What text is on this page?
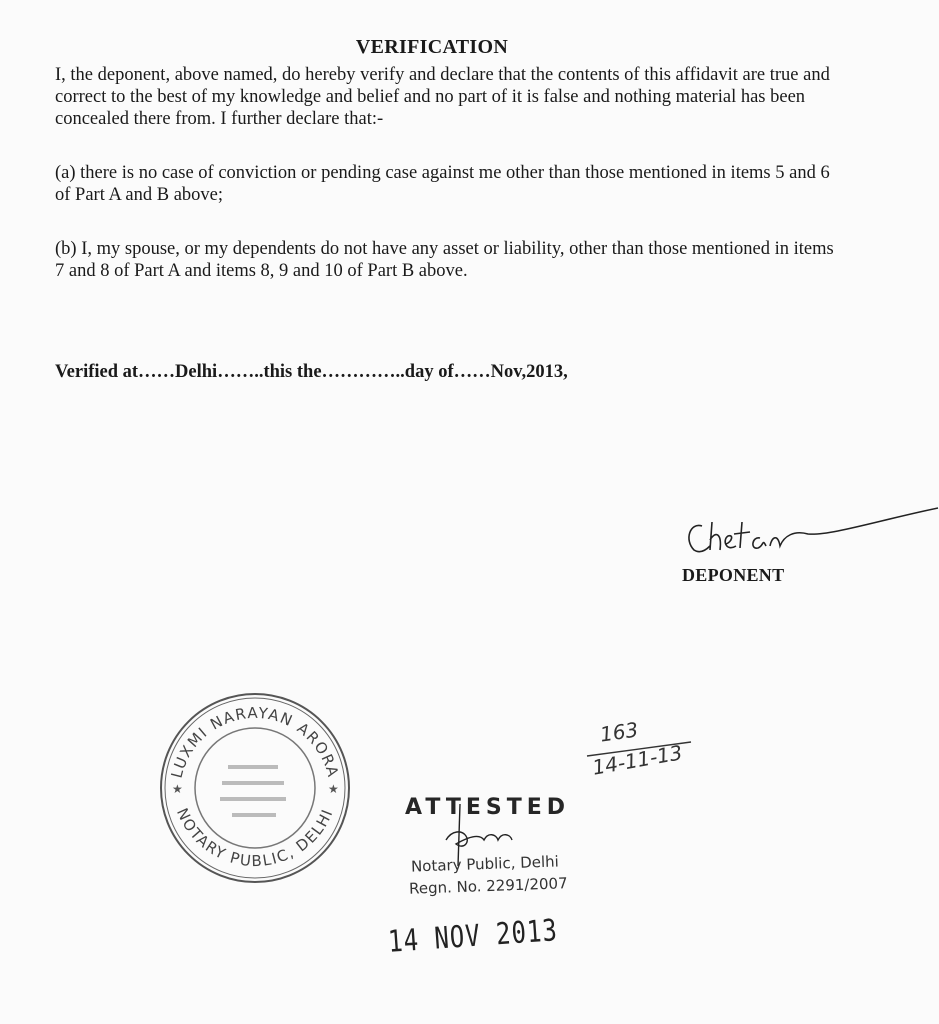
VERIFICATION

I, the deponent, above named, do hereby verify and declare that the contents of this affidavit are true and correct to the best of my knowledge and belief and no part of it is false and nothing material has been concealed there from. I further declare that:-

(a) there is no case of conviction or pending case against me other than those mentioned in items 5 and 6 of Part A and B above;

(b) I, my spouse, or my dependents do not have any asset or liability, other than those mentioned in items 7 and 8 of Part A and items 8, 9 and 10 of Part B above.

Verified at……Delhi……..this the…………..day of……Nov,2013,
DEPONENT
LUXMI NARAYAN ARORA
NOTARY PUBLIC, DELHI
★	★
ATTESTED
Notary Public, Delhi
Regn. No. 2291/2007
14 NOV 2013
163
14-11-13
